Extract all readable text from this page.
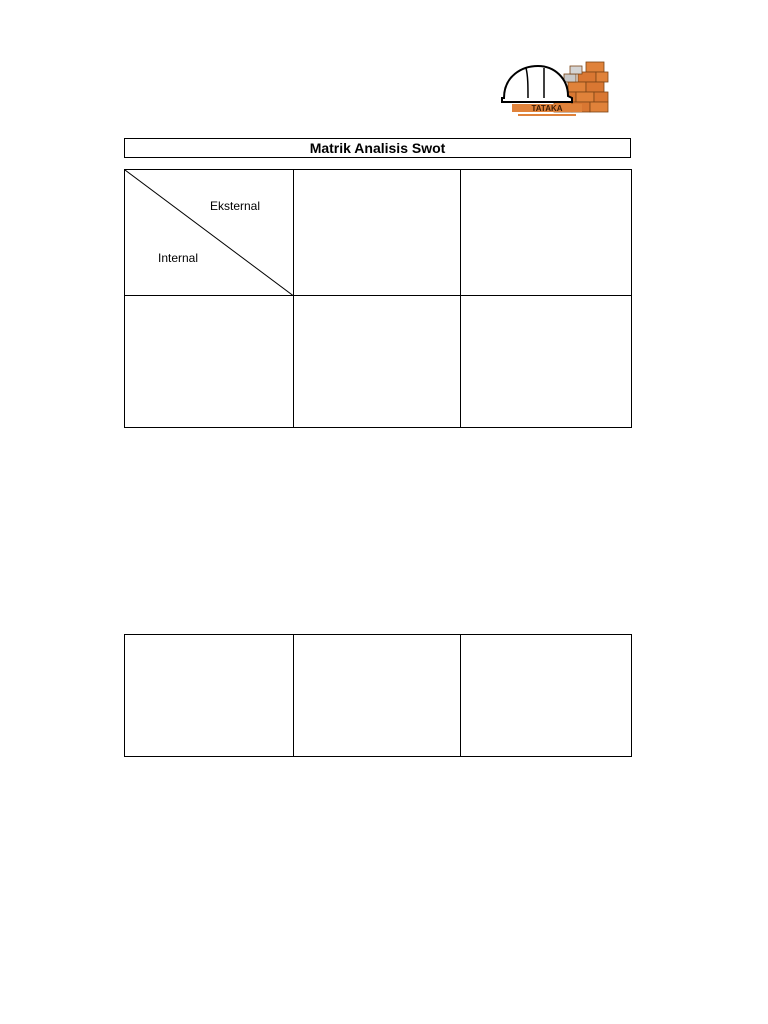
TATAKA
Matrik Analisis Swot
Eksternal
Internal		
